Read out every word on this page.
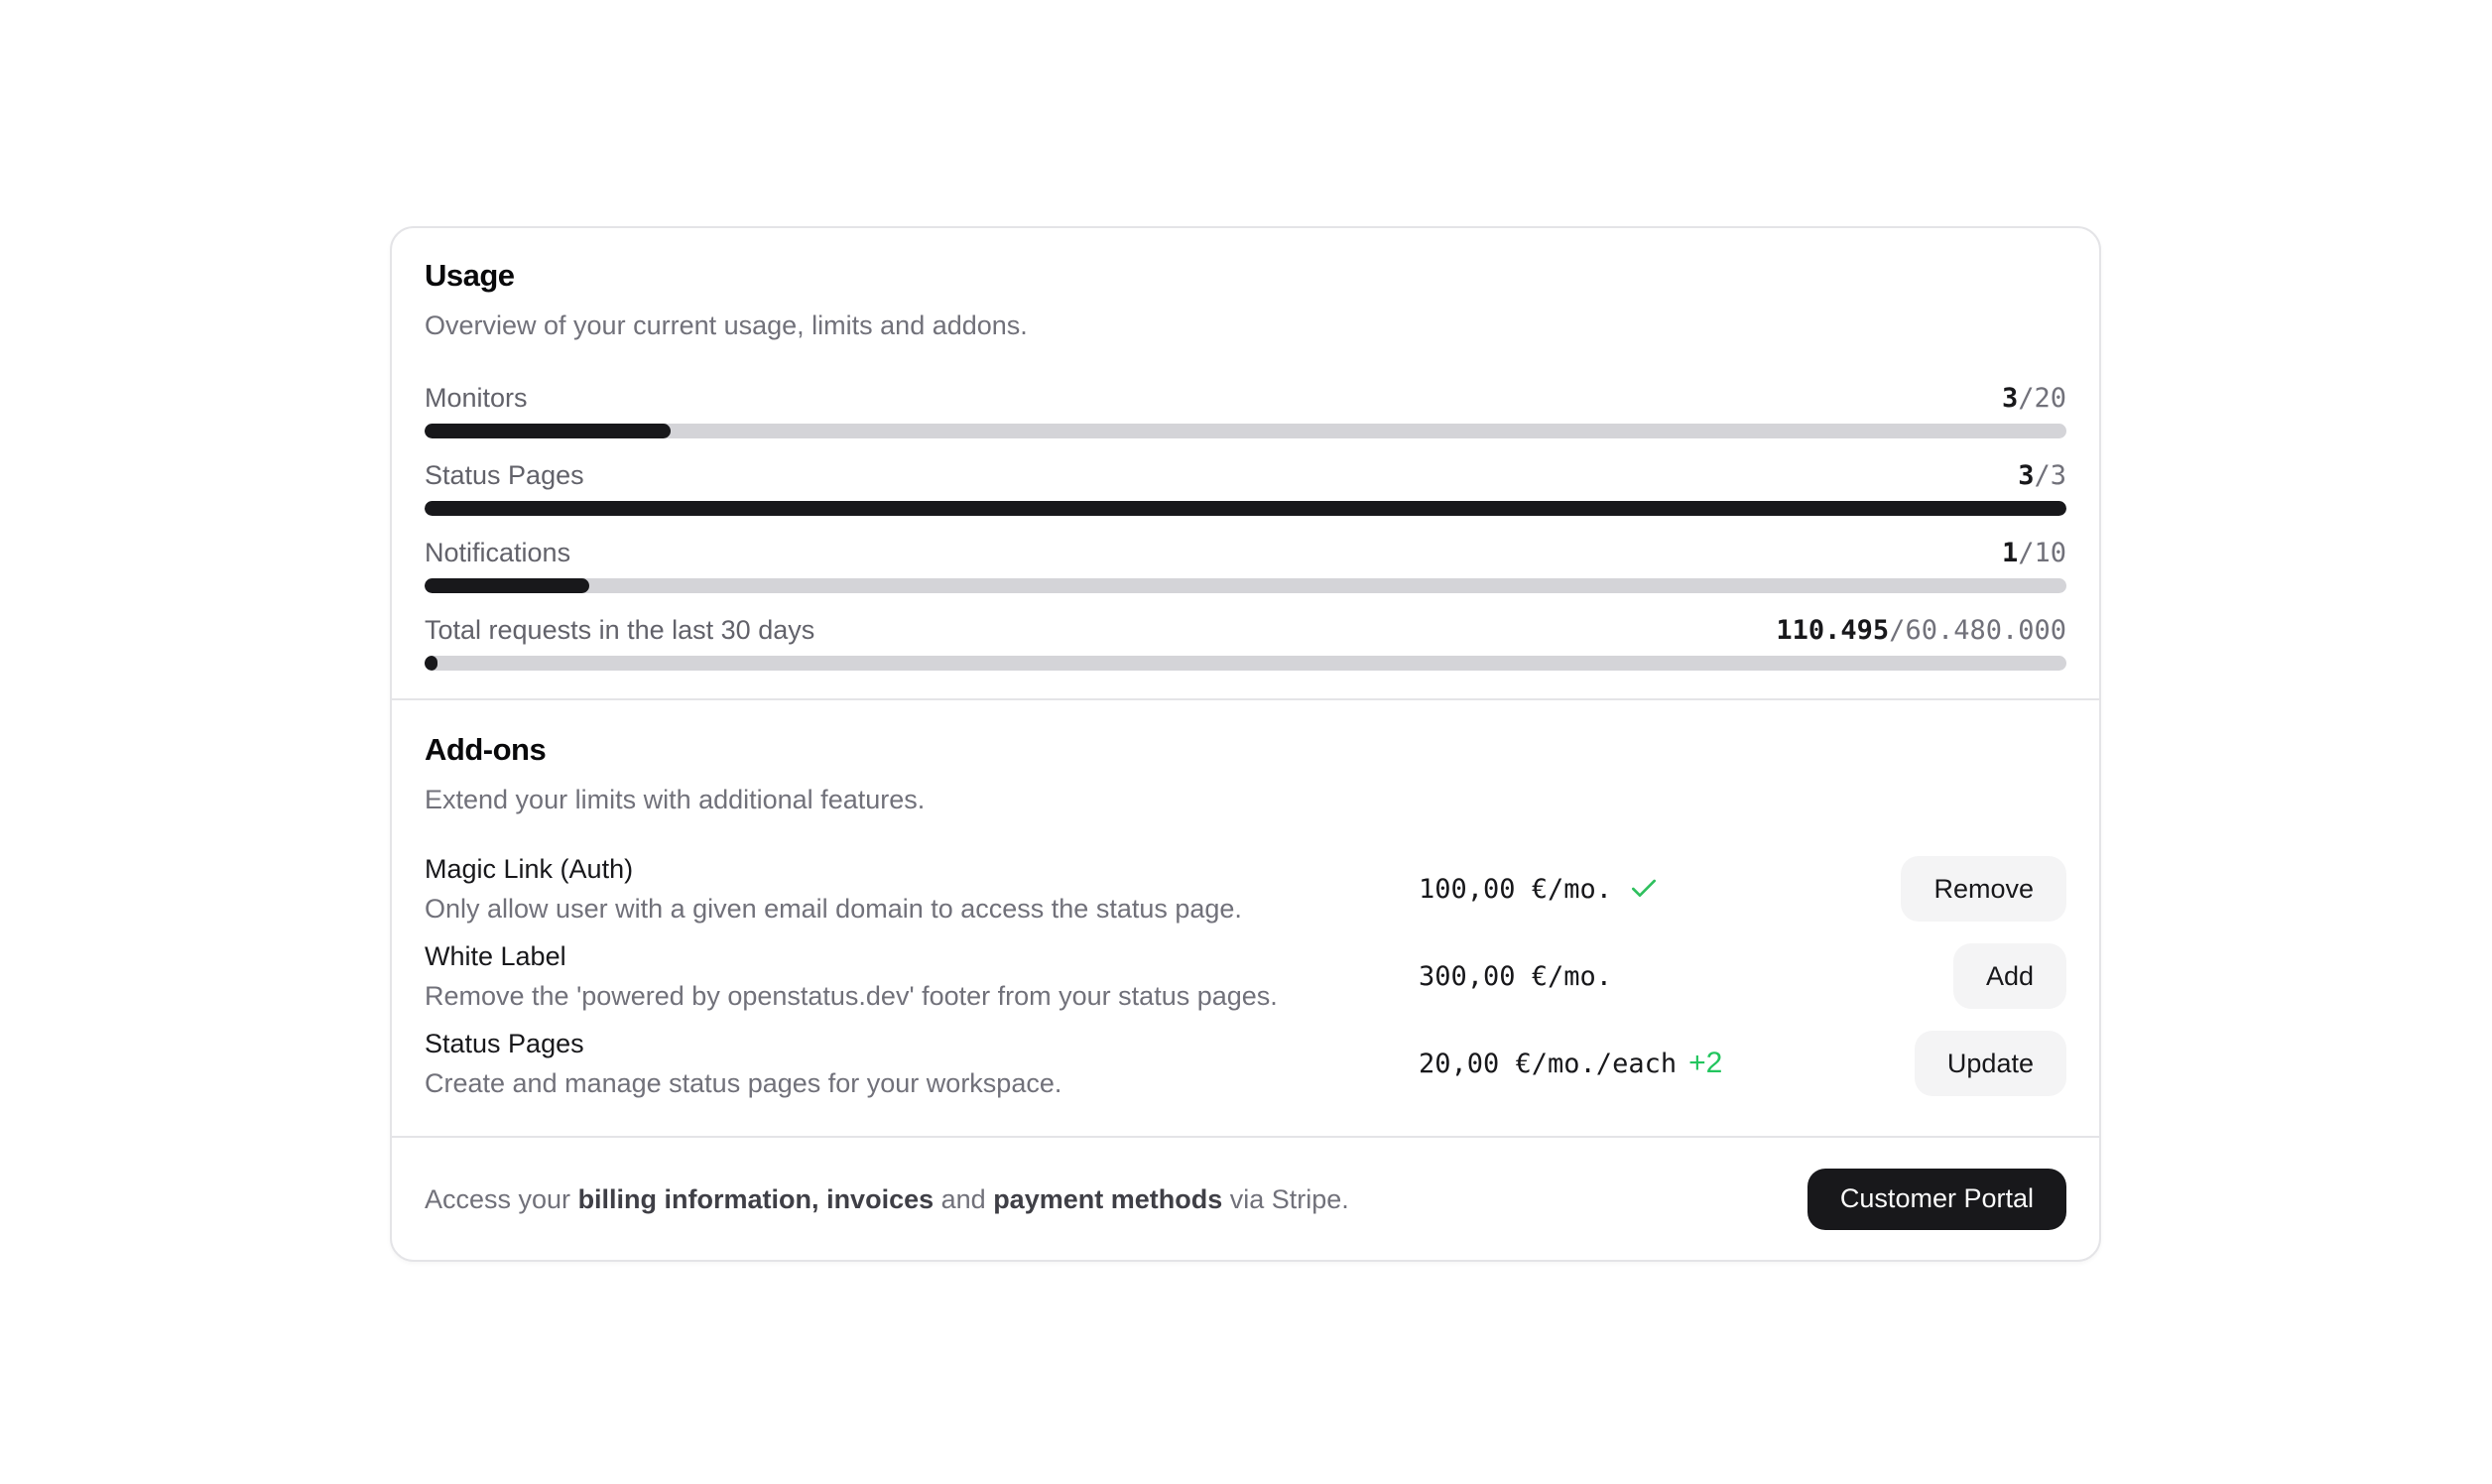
Usage

Overview of your current usage, limits and addons.

Monitors	3/20
Status Pages	3/3
Notifications	1/10
Total requests in the last 30 days	110.495/60.480.000
Add-ons

Extend your limits with additional features.

Magic Link (Auth)
Only allow user with a given email domain to access the status page.
100,00 €/mo.	Remove
White Label
Remove the 'powered by openstatus.dev' footer from your status pages.
300,00 €/mo.	Add
Status Pages
Create and manage status pages for your workspace.
20,00 €/mo./each +2	Update

Access your billing information, invoices and payment methods via Stripe.	Customer Portal
